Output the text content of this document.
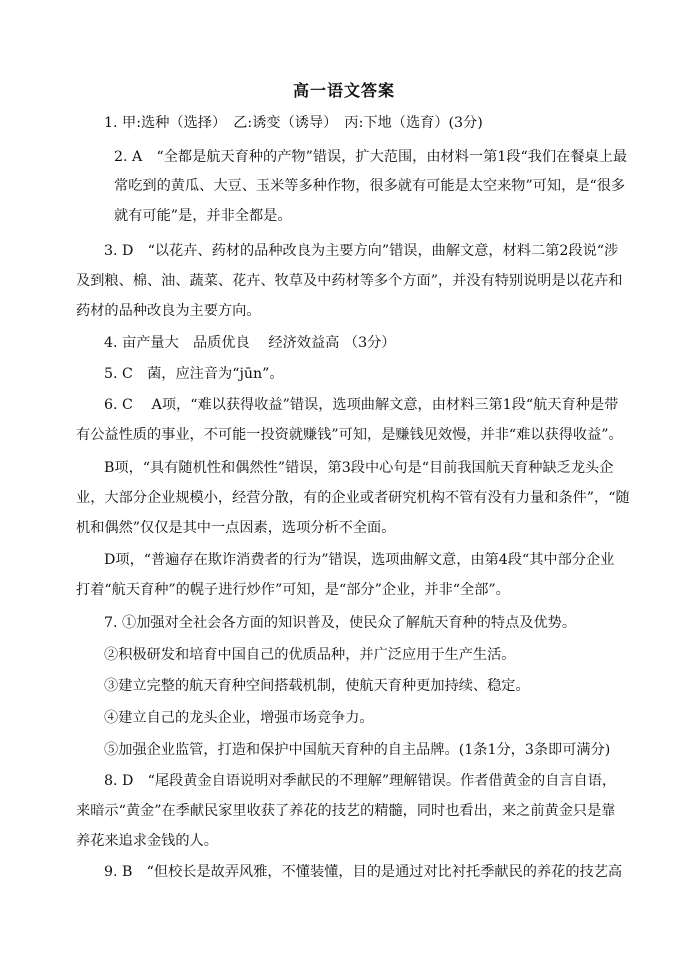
高一语文答案
1. 甲:选种（选择）　乙:诱变（诱导）　丙:下地（选育）(3分)
2. A　“全都是航天育种的产物”错误，扩大范围，由材料一第1段“我们在餐桌上最
常吃到的黄瓜、大豆、玉米等多种作物，很多就有可能是太空来物”可知，是“很多
就有可能”是，并非全都是。
3. D　“以花卉、药材的品种改良为主要方向”错误，曲解文意，材料二第2段说“涉
及到粮、棉、油、蔬菜、花卉、牧草及中药材等多个方面”，并没有特别说明是以花卉和
药材的品种改良为主要方向。
4. 亩产量大　品质优良　 经济效益高 （3分）
5. C　菌，应注音为“jūn”。
6. C　 A项，“难以获得收益”错误，选项曲解文意，由材料三第1段“航天育种是带
有公益性质的事业，不可能一投资就赚钱”可知，是赚钱见效慢，并非“难以获得收益”。
B项，“具有随机性和偶然性”错误，第3段中心句是“目前我国航天育种缺乏龙头企
业，大部分企业规模小，经营分散，有的企业或者研究机构不管有没有力量和条件”，“随
机和偶然”仅仅是其中一点因素，选项分析不全面。
D项，“普遍存在欺诈消费者的行为”错误，选项曲解文意，由第4段“其中部分企业
打着“航天育种”的幌子进行炒作”可知，是“部分”企业，并非“全部”。
7. ①加强对全社会各方面的知识普及，使民众了解航天育种的特点及优势。
②积极研发和培育中国自己的优质品种，并广泛应用于生产生活。
③建立完整的航天育种空间搭载机制，使航天育种更加持续、稳定。
④建立自己的龙头企业，增强市场竞争力。
⑤加强企业监管，打造和保护中国航天育种的自主品牌。(1条1分，3条即可满分)
8. D　“尾段黄金自语说明对季献民的不理解”理解错误。作者借黄金的自言自语，
来暗示“黄金”在季献民家里收获了养花的技艺的精髓，同时也看出，来之前黄金只是靠
养花来追求金钱的人。
9. B　“但校长是故弄风雅，不懂装懂，目的是通过对比衬托季献民的养花的技艺高
